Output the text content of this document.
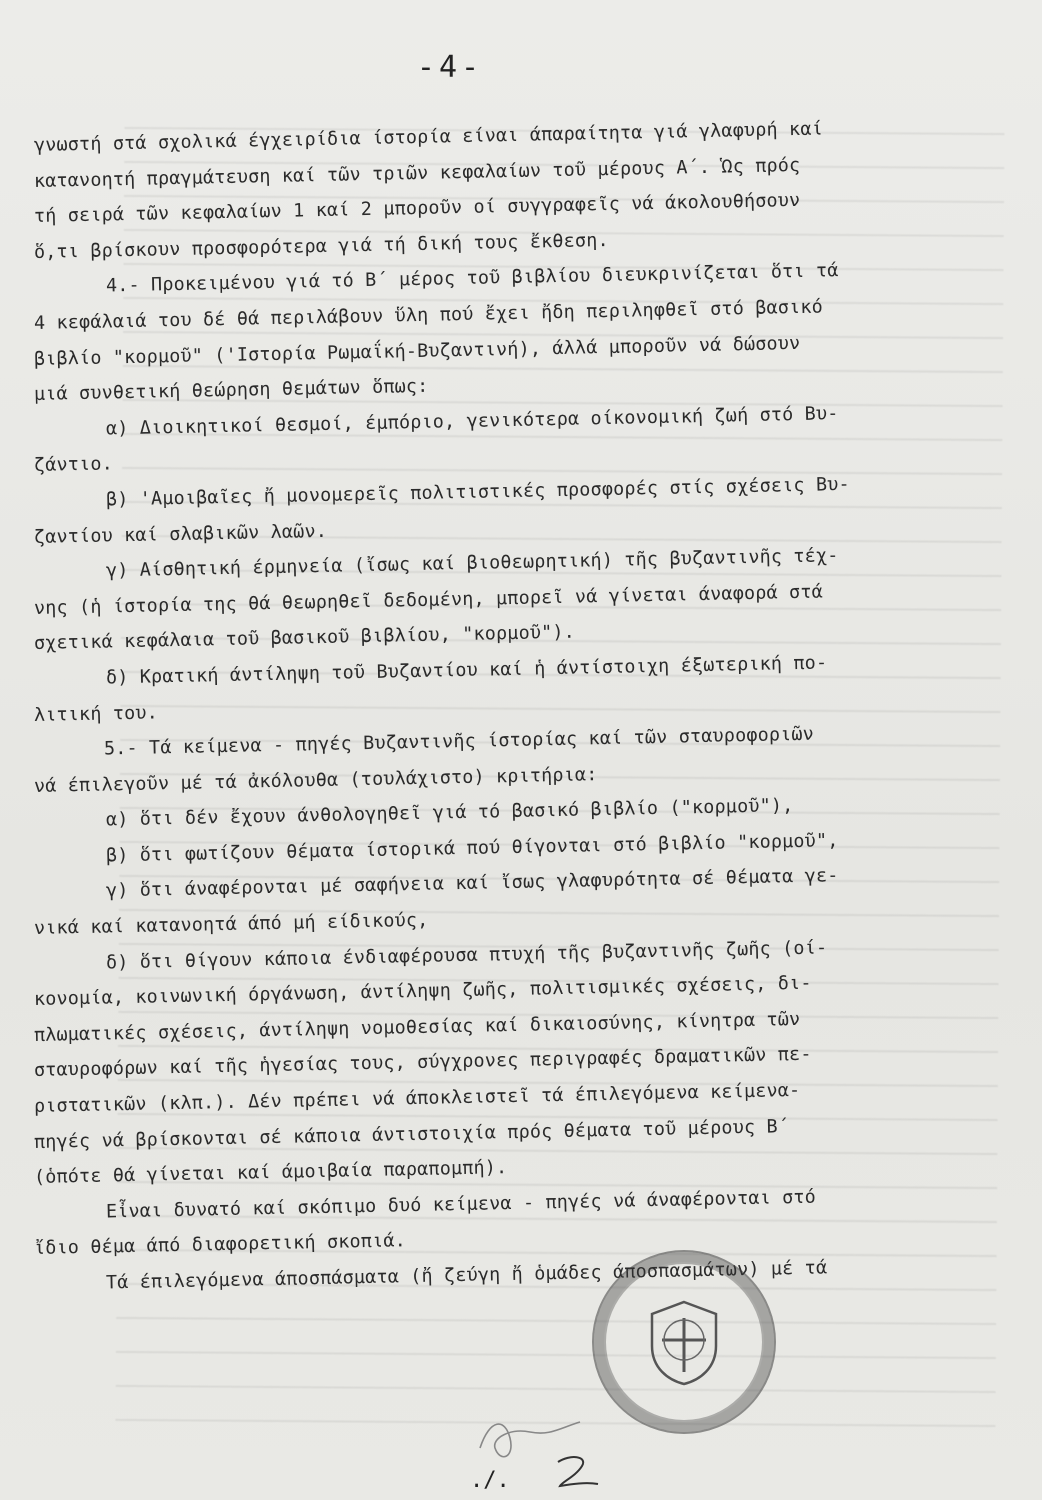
-4-
γνωστή στά σχολικά έγχειρίδια ίστορία είναι άπαραίτητα γιά γλαφυρή καί
κατανοητή πραγμάτευση καί τῶν τριῶν κεφαλαίων τοῦ μέρους Α΄. Ὡς πρός
τή σειρά τῶν κεφαλαίων 1 καί 2 μποροῦν οί συγγραφεῖς νά άκολουθήσουν
ὅ,τι βρίσκουν προσφορότερα γιά τή δική τους ἔκθεση.
4.- Προκειμένου γιά τό Β΄ μέρος τοῦ βιβλίου διευκρινίζεται ὅτι τά
4 κεφάλαιά του δέ θά περιλάβουν ὕλη πού ἔχει ἤδη περιληφθεῖ στό βασικό
βιβλίο "κορμοῦ" ('Ιστορία Ρωμαΐκή-Βυζαντινή), άλλά μποροῦν νά δώσουν
μιά συνθετική θεώρηση θεμάτων ὅπως:
α) Διοικητικοί θεσμοί, έμπόριο, γενικότερα οίκονομική ζωή στό Βυ-
ζάντιο.
β) 'Αμοιβαῖες ἤ μονομερεῖς πολιτιστικές προσφορές στίς σχέσεις Βυ-
ζαντίου καί σλαβικῶν λαῶν.
γ) Αίσθητική έρμηνεία (ἴσως καί βιοθεωρητική) τῆς βυζαντινῆς τέχ-
νης (ἡ ίστορία της θά θεωρηθεῖ δεδομένη, μπορεῖ νά γίνεται άναφορά στά
σχετικά κεφάλαια τοῦ βασικοῦ βιβλίου, "κορμοῦ").
δ) Κρατική άντίληψη τοῦ Βυζαντίου καί ἡ άντίστοιχη έξωτερική πο-
λιτική του.
5.- Τά κείμενα - πηγές Βυζαντινῆς ίστορίας καί τῶν σταυροφοριῶν
νά έπιλεγοῦν μέ τά ἀκόλουθα (τουλάχιστο) κριτήρια:
α) ὅτι δέν ἔχουν άνθολογηθεῖ γιά τό βασικό βιβλίο ("κορμοῦ"),
β) ὅτι φωτίζουν θέματα ίστορικά πού θίγονται στό βιβλίο "κορμοῦ",
γ) ὅτι άναφέρονται μέ σαφήνεια καί ἴσως γλαφυρότητα σέ θέματα γε-
νικά καί κατανοητά άπό μή είδικούς,
δ) ὅτι θίγουν κάποια ένδιαφέρουσα πτυχή τῆς βυζαντινῆς ζωῆς (οί-
κονομία, κοινωνική όργάνωση, άντίληψη ζωῆς, πολιτισμικές σχέσεις, δι-
πλωματικές σχέσεις, άντίληψη νομοθεσίας καί δικαιοσύνης, κίνητρα τῶν
σταυροφόρων καί τῆς ἡγεσίας τους, σύγχρονες περιγραφές δραματικῶν πε-
ριστατικῶν (κλπ.). Δέν πρέπει νά άποκλειστεῖ τά έπιλεγόμενα κείμενα-
πηγές νά βρίσκονται σέ κάποια άντιστοιχία πρός θέματα τοῦ μέρους Β΄
(ὁπότε θά γίνεται καί άμοιβαία παραπομπή).
Εἶναι δυνατό καί σκόπιμο δυό κείμενα - πηγές νά άναφέρονται στό
ἴδιο θέμα άπό διαφορετική σκοπιά.
Τά έπιλεγόμενα άποσπάσματα (ἤ ζεύγη ἤ ὁμάδες άποσπασμάτων) μέ τά
./.
